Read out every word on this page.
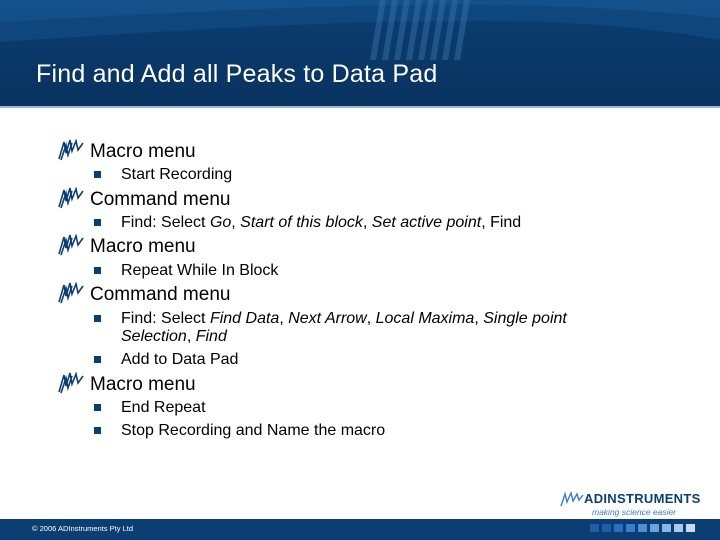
Find and Add all Peaks to Data Pad
Macro menu
Start Recording
Command menu
Find: Select Go, Start of this block, Set active point, Find
Macro menu
Repeat While In Block
Command menu
Find: Select Find Data, Next Arrow, Local Maxima, Single point Selection, Find
Add to Data Pad
Macro menu
End Repeat
Stop Recording and Name the macro
ADINSTRUMENTS
making science easier
© 2006 ADInstruments Pty Ltd
